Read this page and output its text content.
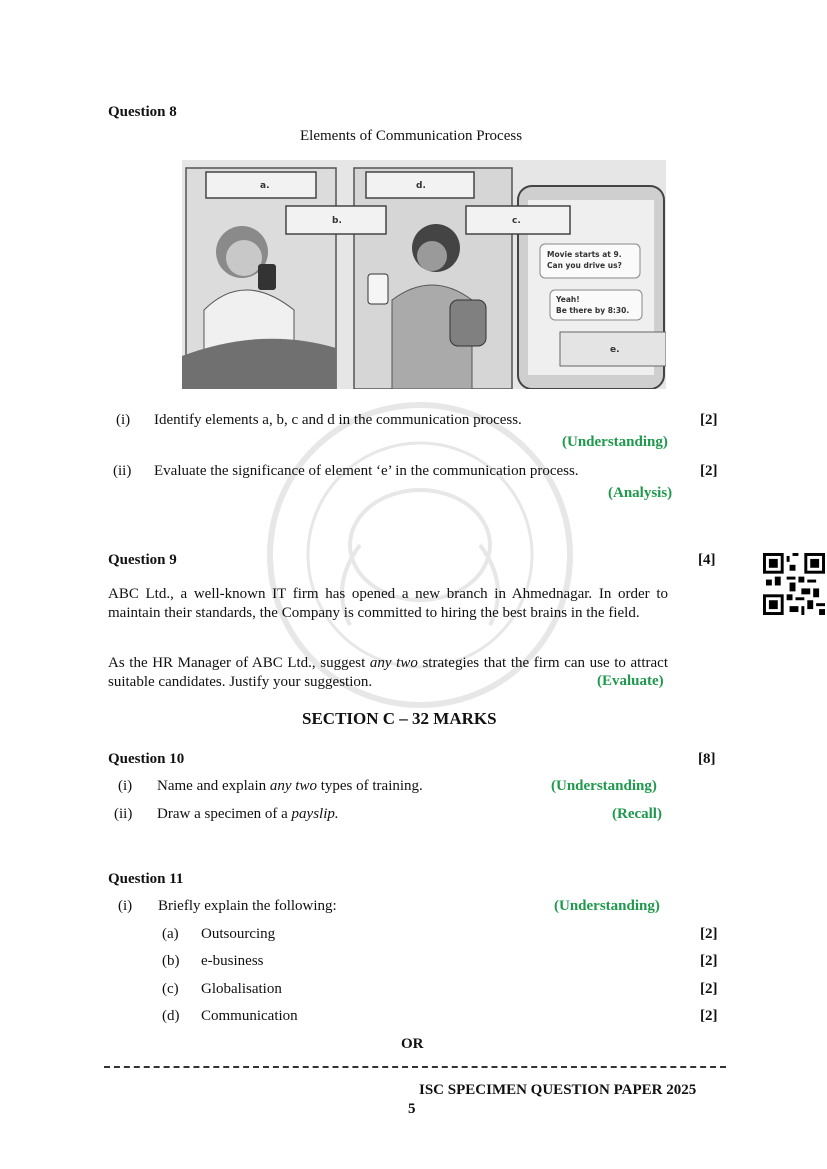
Question 8
Elements of Communication Process
a.	d.
b.	c.
Movie starts at 9.
Can you drive us?
Yeah!
Be there by 8:30.
e.
(i) Identify elements a, b, c and d in the communication process.	[2]
(Understanding)
(ii) Evaluate the significance of element ‘e’ in the communication process.	[2]
(Analysis)
Question 9	[4]
ABC Ltd., a well-known IT firm has opened a new branch in Ahmednagar. In order to maintain their standards, the Company is committed to hiring the best brains in the field.
As the HR Manager of ABC Ltd., suggest any two strategies that the firm can use to attract suitable candidates. Justify your suggestion.	(Evaluate)
SECTION C – 32 MARKS
Question 10	[8]
(i) Name and explain any two types of training.	(Understanding)
(ii) Draw a specimen of a payslip.	(Recall)
Question 11
(i) Briefly explain the following:	(Understanding)
(a) Outsourcing	[2]
(b) e-business	[2]
(c) Globalisation	[2]
(d) Communication	[2]
OR
ISC SPECIMEN QUESTION PAPER 2025
5
